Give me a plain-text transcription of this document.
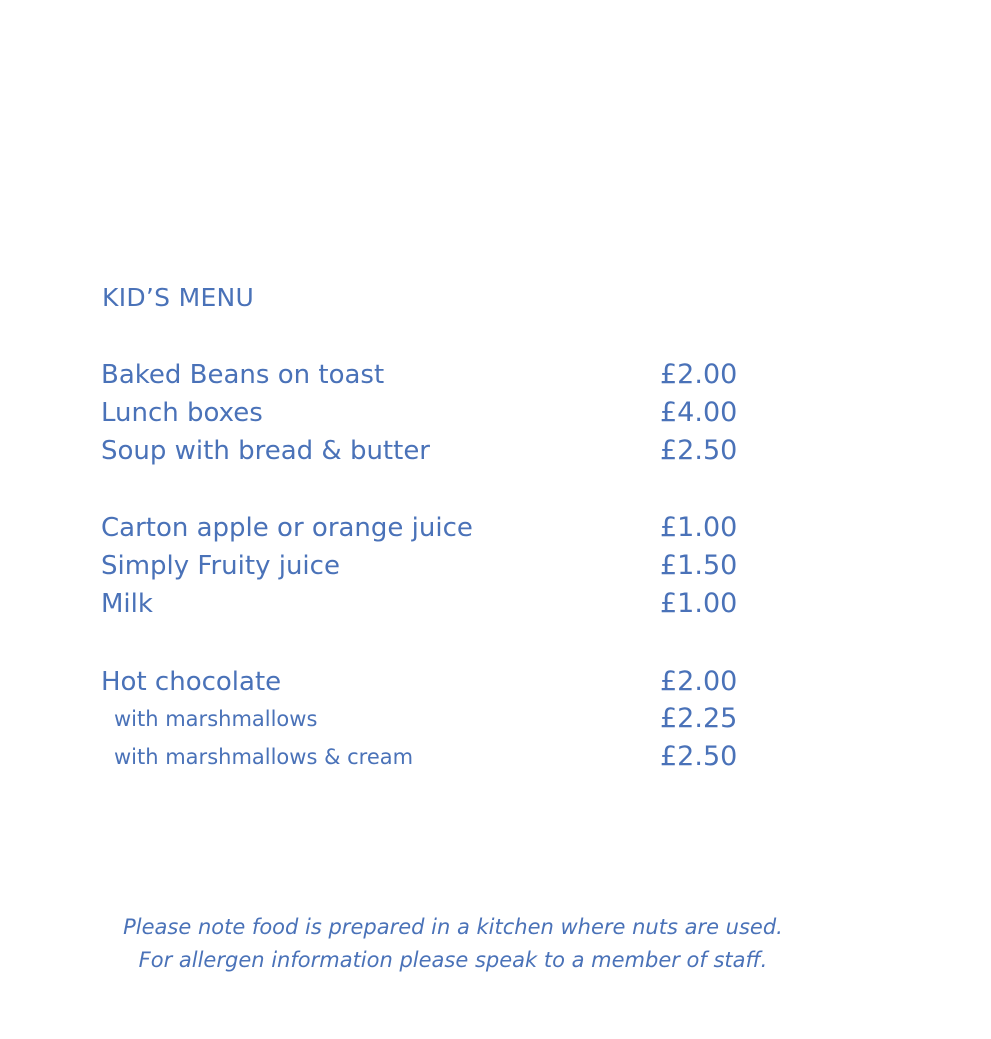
KID’S MENU
Baked Beans on toast	£2.00
Lunch boxes	£4.00
Soup with bread & butter	£2.50
Carton apple or orange juice	£1.00
Simply Fruity juice	£1.50
Milk	£1.00
Hot chocolate	£2.00
with marshmallows	£2.25
with marshmallows & cream	£2.50
Please note food is prepared in a kitchen where nuts are used.
For allergen information please speak to a member of staff.
